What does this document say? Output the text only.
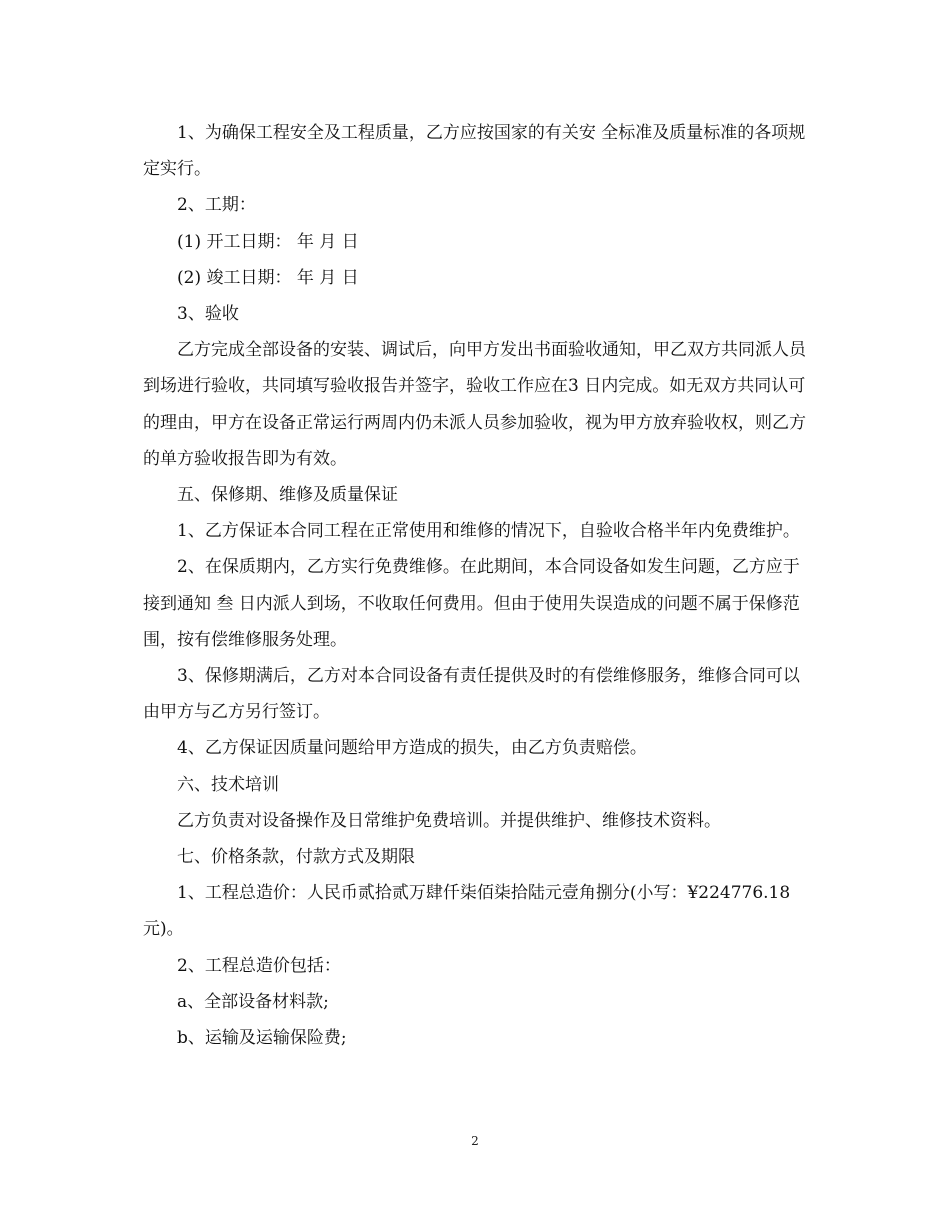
1、为确保工程安全及工程质量，乙方应按国家的有关安 全标准及质量标准的各项规定实行。

2、工期：

(1) 开工日期： 年 月 日

(2) 竣工日期： 年 月 日

3、验收

乙方完成全部设备的安装、调试后，向甲方发出书面验收通知，甲乙双方共同派人员到场进行验收，共同填写验收报告并签字，验收工作应在3 日内完成。如无双方共同认可的理由，甲方在设备正常运行两周内仍未派人员参加验收，视为甲方放弃验收权，则乙方的单方验收报告即为有效。

五、保修期、维修及质量保证

1、乙方保证本合同工程在正常使用和维修的情况下，自验收合格半年内免费维护。

2、在保质期内，乙方实行免费维修。在此期间，本合同设备如发生问题，乙方应于接到通知 叁 日内派人到场，不收取任何费用。但由于使用失误造成的问题不属于保修范围，按有偿维修服务处理。

3、保修期满后，乙方对本合同设备有责任提供及时的有偿维修服务，维修合同可以由甲方与乙方另行签订。

4、乙方保证因质量问题给甲方造成的损失，由乙方负责赔偿。

六、技术培训

乙方负责对设备操作及日常维护免费培训。并提供维护、维修技术资料。

七、价格条款，付款方式及期限

1、工程总造价：人民币贰拾贰万肆仟柒佰柒拾陆元壹角捌分(小写：¥224776.18元)。

2、工程总造价包括：

a、全部设备材料款;

b、运输及运输保险费;

2
